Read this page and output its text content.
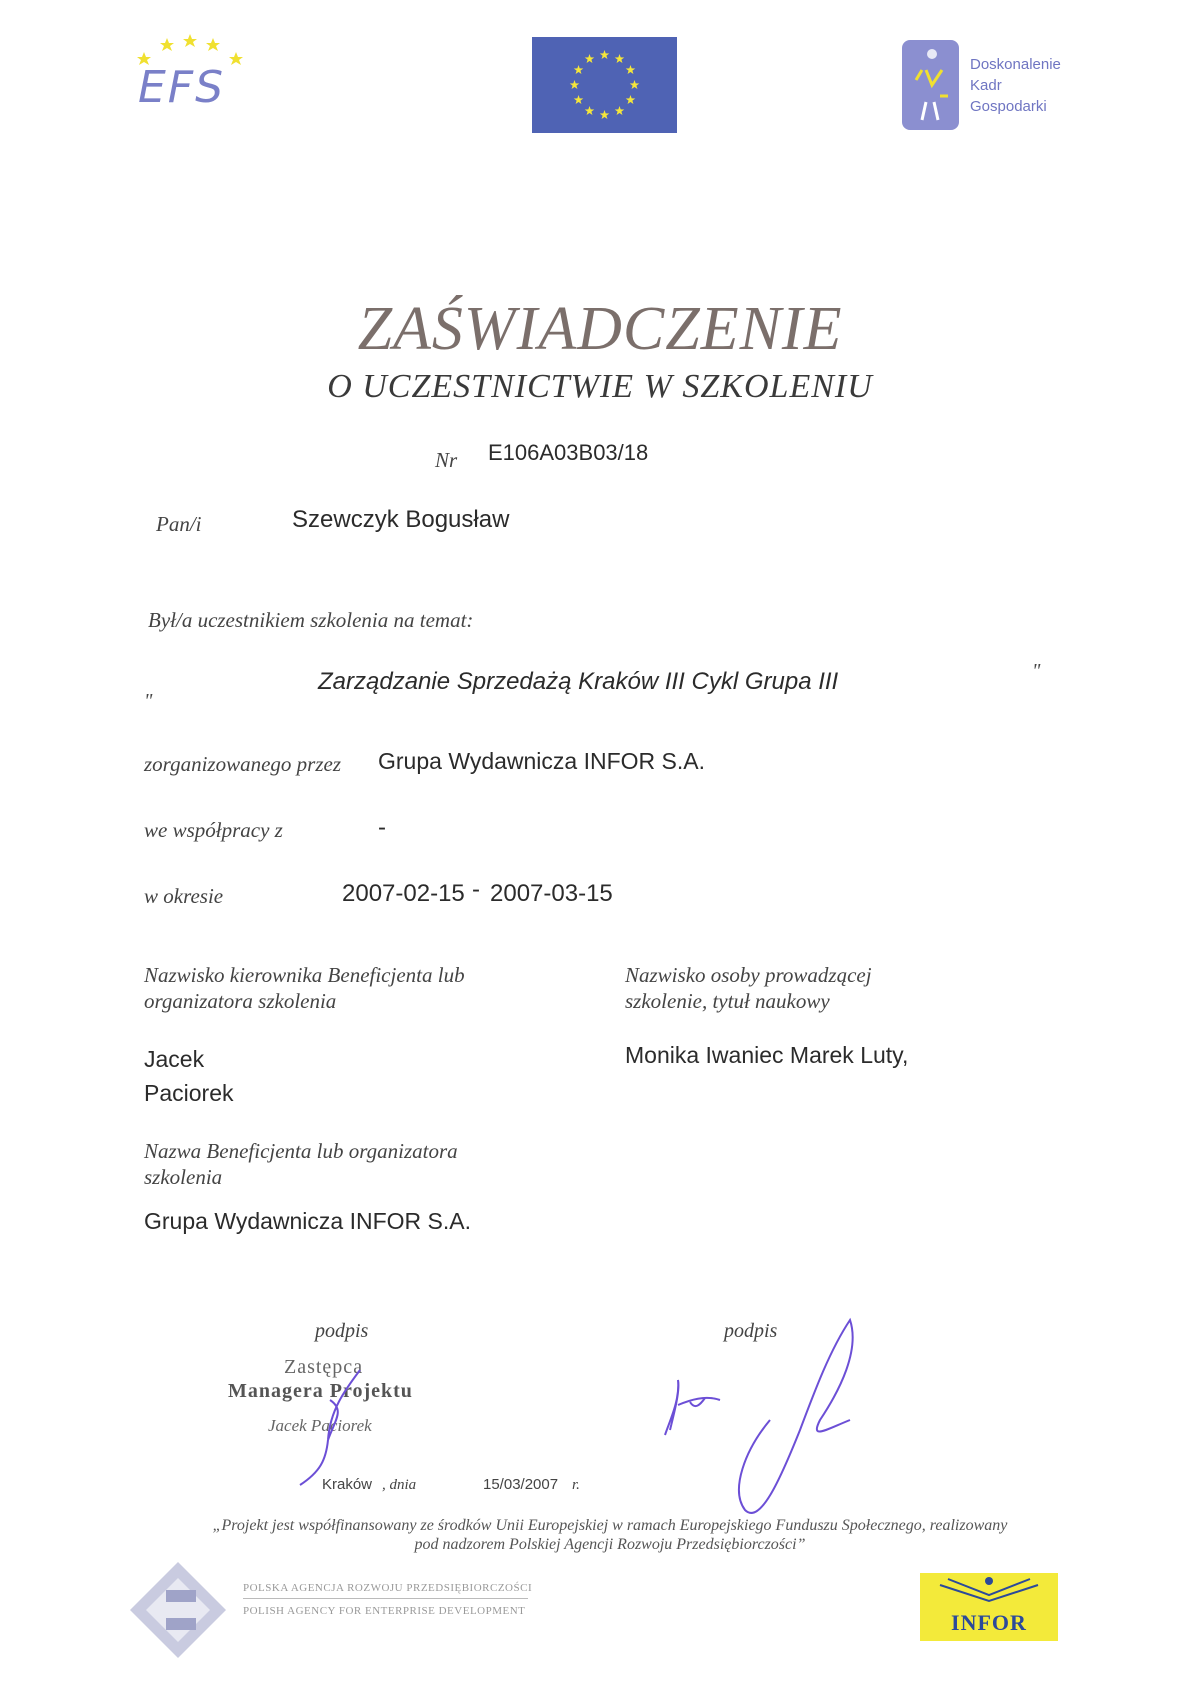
EFS	Doskonalenie
Kadr
Gospodarki
ZAŚWIADCZENIE
O UCZESTNICTWIE W SZKOLENIU
Nr E106A03B03/18
Pan/i	Szewczyk Bogusław
Był/a uczestnikiem szkolenia na temat:
"
Zarządzanie Sprzedażą Kraków III Cykl Grupa III	"
zorganizowanego przez Grupa Wydawnicza INFOR S.A.
we współpracy z	-
w okresie	2007-02-15 - 2007-03-15
Nazwisko kierownika Beneficjenta lub
organizatora szkolenia
Jacek
Paciorek
Nazwisko osoby prowadzącej
szkolenie, tytuł naukowy
Monika Iwaniec Marek Luty,
Nazwa Beneficjenta lub organizatora
szkolenia
Grupa Wydawnicza INFOR S.A.
podpis	podpis
Zastępca
Managera Projektu
Jacek Paciorek
Kraków , dnia	15/03/2007 r.
„Projekt jest współfinansowany ze środków Unii Europejskiej w ramach Europejskiego Funduszu Społecznego, realizowany
pod nadzorem Polskiej Agencji Rozwoju Przedsiębiorczości”
POLSKA AGENCJA ROZWOJU PRZEDSIĘBIORCZOŚCI
POLISH AGENCY FOR ENTERPRISE DEVELOPMENT	INFOR
